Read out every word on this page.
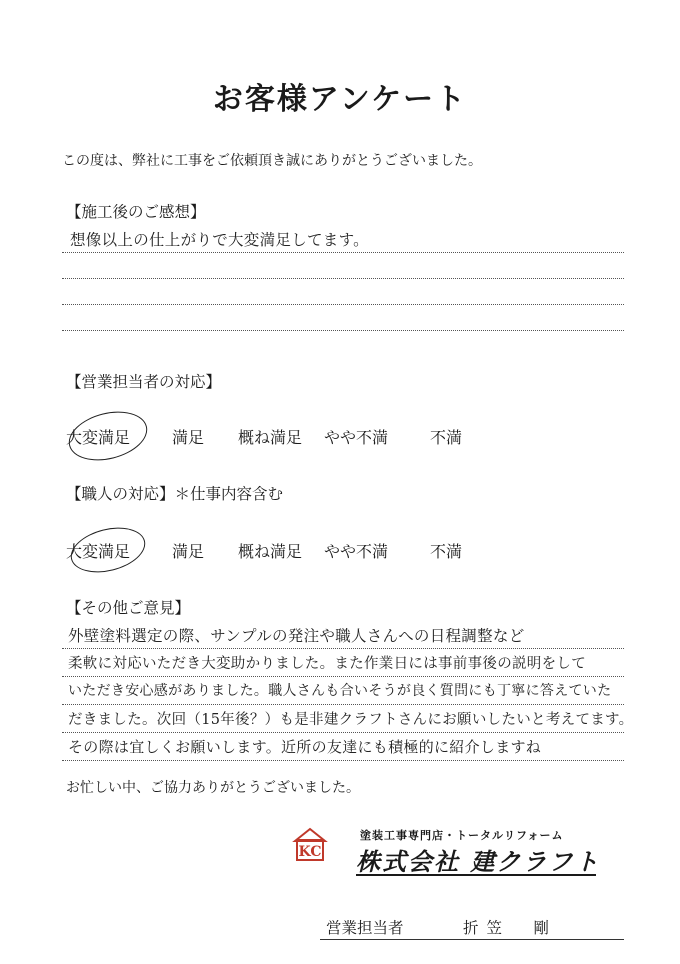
お客様アンケート
この度は、弊社に工事をご依頼頂き誠にありがとうございました。
【施工後のご感想】
想像以上の仕上がりで大変満足してます。
【営業担当者の対応】
大変満足	満足 概ね満足 やや不満	不満
【職人の対応】＊仕事内容含む
大変満足	満足 概ね満足 やや不満	不満
【その他ご意見】
外壁塗料選定の際、サンプルの発注や職人さんへの日程調整など
柔軟に対応いただき大変助かりました。また作業日には事前事後の説明をして
いただき安心感がありました。職人さんも合いそうが良く質問にも丁寧に答えていた
だきました。次回（15年後？）も是非建クラフトさんにお願いしたいと考えてます。
その際は宜しくお願いします。近所の友達にも積極的に紹介しますね
お忙しい中、ご協力ありがとうございました。
KC
塗装工事専門店・トータルリフォーム
株式会社 建クラフト
営業担当者	折笠　剛
